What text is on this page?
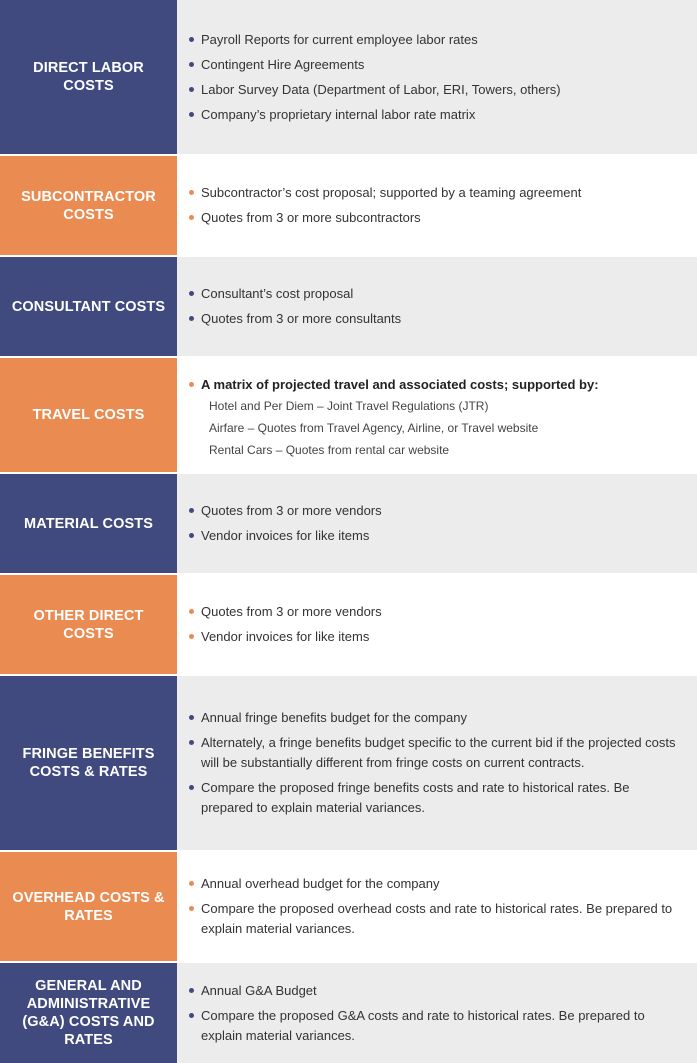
DIRECT LABOR COSTS
Payroll Reports for current employee labor rates
Contingent Hire Agreements
Labor Survey Data (Department of Labor, ERI, Towers, others)
Company’s proprietary internal labor rate matrix
SUBCONTRACTOR COSTS
Subcontractor’s cost proposal; supported by a teaming agreement
Quotes from 3 or more subcontractors
CONSULTANT COSTS
Consultant’s cost proposal
Quotes from 3 or more consultants
TRAVEL COSTS
A matrix of projected travel and associated costs; supported by:
Hotel and Per Diem – Joint Travel Regulations (JTR)
Airfare – Quotes from Travel Agency, Airline, or Travel website
Rental Cars – Quotes from rental car website
MATERIAL COSTS
Quotes from 3 or more vendors
Vendor invoices for like items
OTHER DIRECT COSTS
Quotes from 3 or more vendors
Vendor invoices for like items
FRINGE BENEFITS COSTS & RATES
Annual fringe benefits budget for the company
Alternately, a fringe benefits budget specific to the current bid if the projected costs will be substantially different from fringe costs on current contracts.
Compare the proposed fringe benefits costs and rate to historical rates. Be prepared to explain material variances.
OVERHEAD COSTS & RATES
Annual overhead budget for the company
Compare the proposed overhead costs and rate to historical rates. Be prepared to explain material variances.
GENERAL AND ADMINISTRATIVE (G&A) COSTS AND RATES
Annual G&A Budget
Compare the proposed G&A costs and rate to historical rates. Be prepared to explain material variances.
